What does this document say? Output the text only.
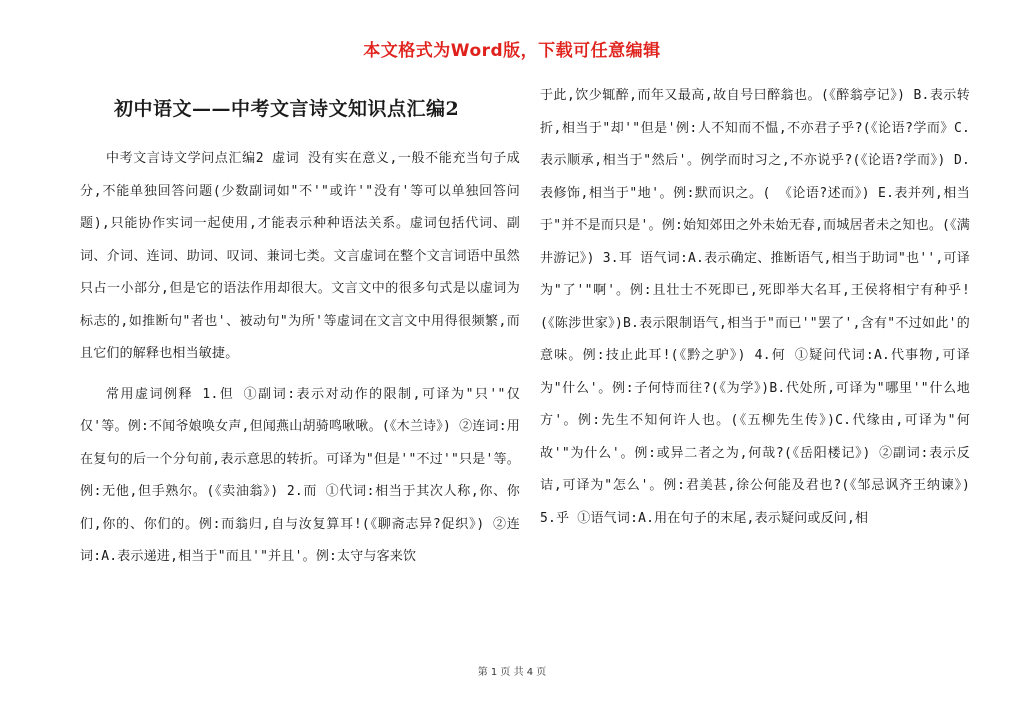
本文格式为Word版，下载可任意编辑
初中语文——中考文言诗文知识点汇编2

中考文言诗文学问点汇编2 虚词 没有实在意义,一般不能充当句子成分,不能单独回答问题(少数副词如"不'"或许'"没有'等可以单独回答问题),只能协作实词一起使用,才能表示种种语法关系。虚词包括代词、副词、介词、连词、助词、叹词、兼词七类。文言虚词在整个文言词语中虽然只占一小部分,但是它的语法作用却很大。文言文中的很多句式是以虚词为标志的,如推断句"者也'、被动句"为所'等虚词在文言文中用得很频繁,而且它们的解释也相当敏捷。

常用虚词例释 1.但 ①副词:表示对动作的限制,可译为"只'"仅仅'等。例:不闻爷娘唤女声,但闻燕山胡骑鸣啾啾。(《木兰诗》) ②连词:用在复句的后一个分句前,表示意思的转折。可译为"但是'"不过'"只是'等。例:无他,但手熟尔。(《卖油翁》) 2.而 ①代词:相当于其次人称,你、你们,你的、你们的。例:而翁归,自与汝复算耳!(《聊斋志异?促织》) ②连词:A.表示递进,相当于"而且'"并且'。例:太守与客来饮

于此,饮少辄醉,而年又最高,故自号曰醉翁也。(《醉翁亭记》) B.表示转折,相当于"却'"但是'例:人不知而不愠,不亦君子乎?(《论语?学而》C.表示顺承,相当于"然后'。例学而时习之,不亦说乎?(《论语?学而》) D.表修饰,相当于"地'。例:默而识之。( 《论语?述而》) E.表并列,相当于"并不是而只是'。例:始知郊田之外未始无春,而城居者未之知也。(《满井游记》) 3.耳 语气词:A.表示确定、推断语气,相当于助词"也'',可译为"了'"啊'。例:且壮士不死即已,死即举大名耳,王侯将相宁有种乎!(《陈涉世家》)B.表示限制语气,相当于"而已'"罢了',含有"不过如此'的意味。例:技止此耳!(《黔之驴》) 4.何 ①疑问代词:A.代事物,可译为"什么'。例:子何恃而往?(《为学》)B.代处所,可译为"哪里'"什么地方'。例:先生不知何许人也。(《五柳先生传》)C.代缘由,可译为"何故'"为什么'。例:或异二者之为,何哉?(《岳阳楼记》) ②副词:表示反诘,可译为"怎么'。例:君美甚,徐公何能及君也?(《邹忌讽齐王纳谏》) 5.乎 ①语气词:A.用在句子的末尾,表示疑问或反问,相

第 1 页 共 4 页
